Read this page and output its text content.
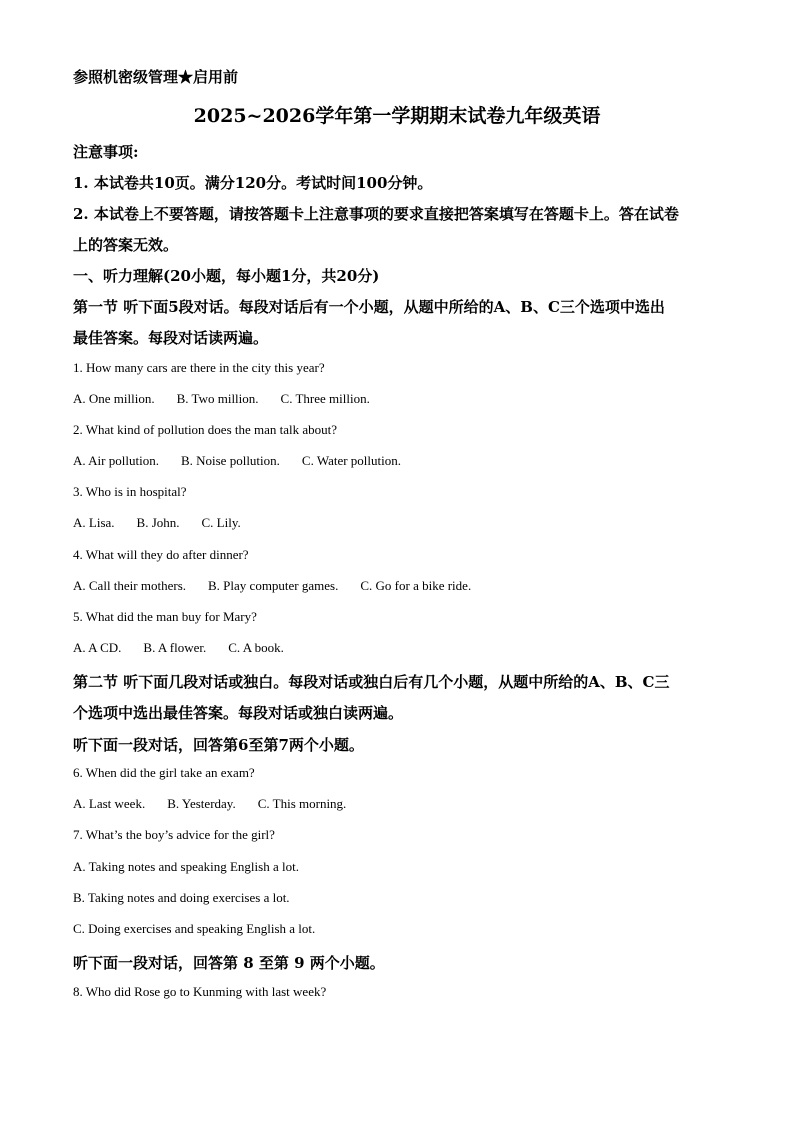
参照机密级管理★启用前
2025~2026学年第一学期期末试卷九年级英语
注意事项:
1. 本试卷共10页。满分120分。考试时间100分钟。
2. 本试卷上不要答题，请按答题卡上注意事项的要求直接把答案填写在答题卡上。答在试卷
上的答案无效。
一、听力理解(20小题，每小题1分，共20分)
第一节 听下面5段对话。每段对话后有一个小题，从题中所给的A、B、C三个选项中选出
最佳答案。每段对话读两遍。
1. How many cars are there in the city this year?
A. One million. B. Two million. C. Three million.
2. What kind of pollution does the man talk about?
A. Air pollution. B. Noise pollution. C. Water pollution.
3. Who is in hospital?
A. Lisa. B. John. C. Lily.
4. What will they do after dinner?
A. Call their mothers. B. Play computer games. C. Go for a bike ride.
5. What did the man buy for Mary?
A. A CD. B. A flower. C. A book.
第二节 听下面几段对话或独白。每段对话或独白后有几个小题，从题中所给的A、B、C三
个选项中选出最佳答案。每段对话或独白读两遍。
听下面一段对话，回答第6至第7两个小题。
6. When did the girl take an exam?
A. Last week. B. Yesterday. C. This morning.
7. What’s the boy’s advice for the girl?
A. Taking notes and speaking English a lot.
B. Taking notes and doing exercises a lot.
C. Doing exercises and speaking English a lot.
听下面一段对话，回答第 8 至第 9 两个小题。
8. Who did Rose go to Kunming with last week?
